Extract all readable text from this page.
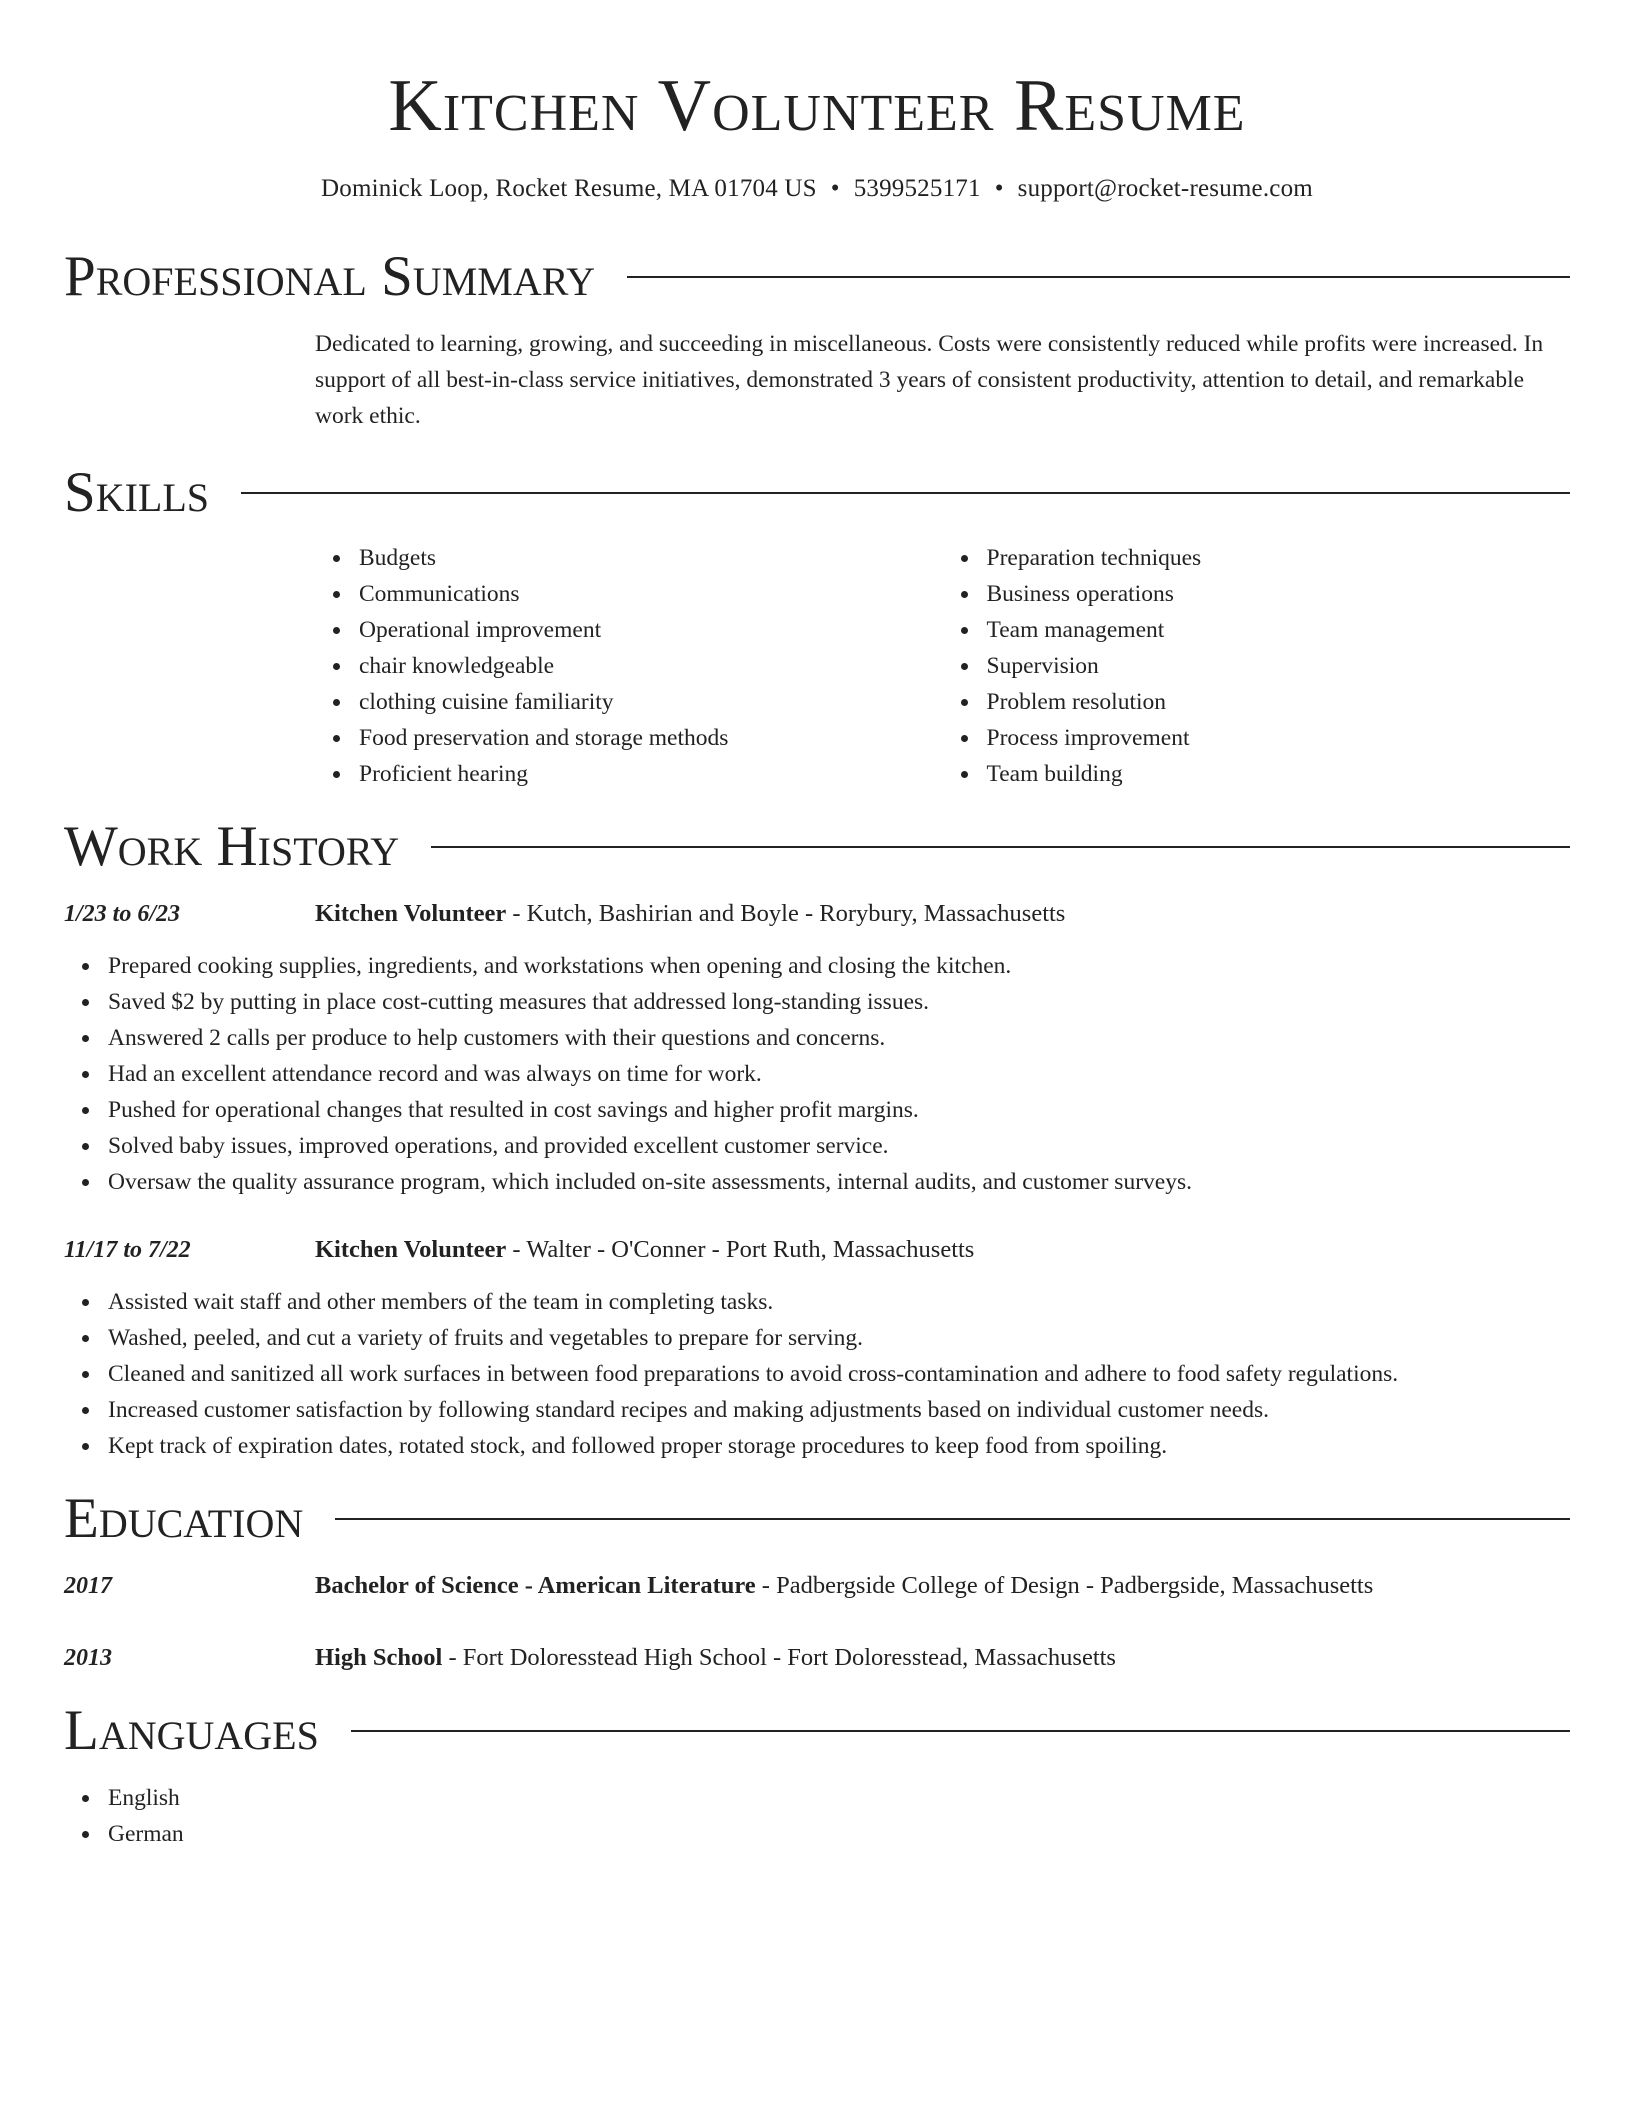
Kitchen Volunteer Resume
Dominick Loop, Rocket Resume, MA 01704 US • 5399525171 • support@rocket-resume.com
Professional Summary

Dedicated to learning, growing, and succeeding in miscellaneous. Costs were consistently reduced while profits were increased. In support of all best-in-class service initiatives, demonstrated 3 years of consistent productivity, attention to detail, and remarkable work ethic.

Skills
Budgets
Communications
Operational improvement
chair knowledgeable
clothing cuisine familiarity
Food preservation and storage methods
Proficient hearing
Preparation techniques
Business operations
Team management
Supervision
Problem resolution
Process improvement
Team building
Work History
1/23 to 6/23	Kitchen Volunteer - Kutch, Bashirian and Boyle - Rorybury, Massachusetts
Prepared cooking supplies, ingredients, and workstations when opening and closing the kitchen.
Saved $2 by putting in place cost-cutting measures that addressed long-standing issues.
Answered 2 calls per produce to help customers with their questions and concerns.
Had an excellent attendance record and was always on time for work.
Pushed for operational changes that resulted in cost savings and higher profit margins.
Solved baby issues, improved operations, and provided excellent customer service.
Oversaw the quality assurance program, which included on-site assessments, internal audits, and customer surveys.
11/17 to 7/22	Kitchen Volunteer - Walter - O'Conner - Port Ruth, Massachusetts
Assisted wait staff and other members of the team in completing tasks.
Washed, peeled, and cut a variety of fruits and vegetables to prepare for serving.
Cleaned and sanitized all work surfaces in between food preparations to avoid cross-contamination and adhere to food safety regulations.
Increased customer satisfaction by following standard recipes and making adjustments based on individual customer needs.
Kept track of expiration dates, rotated stock, and followed proper storage procedures to keep food from spoiling.
Education
2017	Bachelor of Science - American Literature - Padbergside College of Design - Padbergside, Massachusetts
2013	High School - Fort Doloresstead High School - Fort Doloresstead, Massachusetts
Languages
English
German
